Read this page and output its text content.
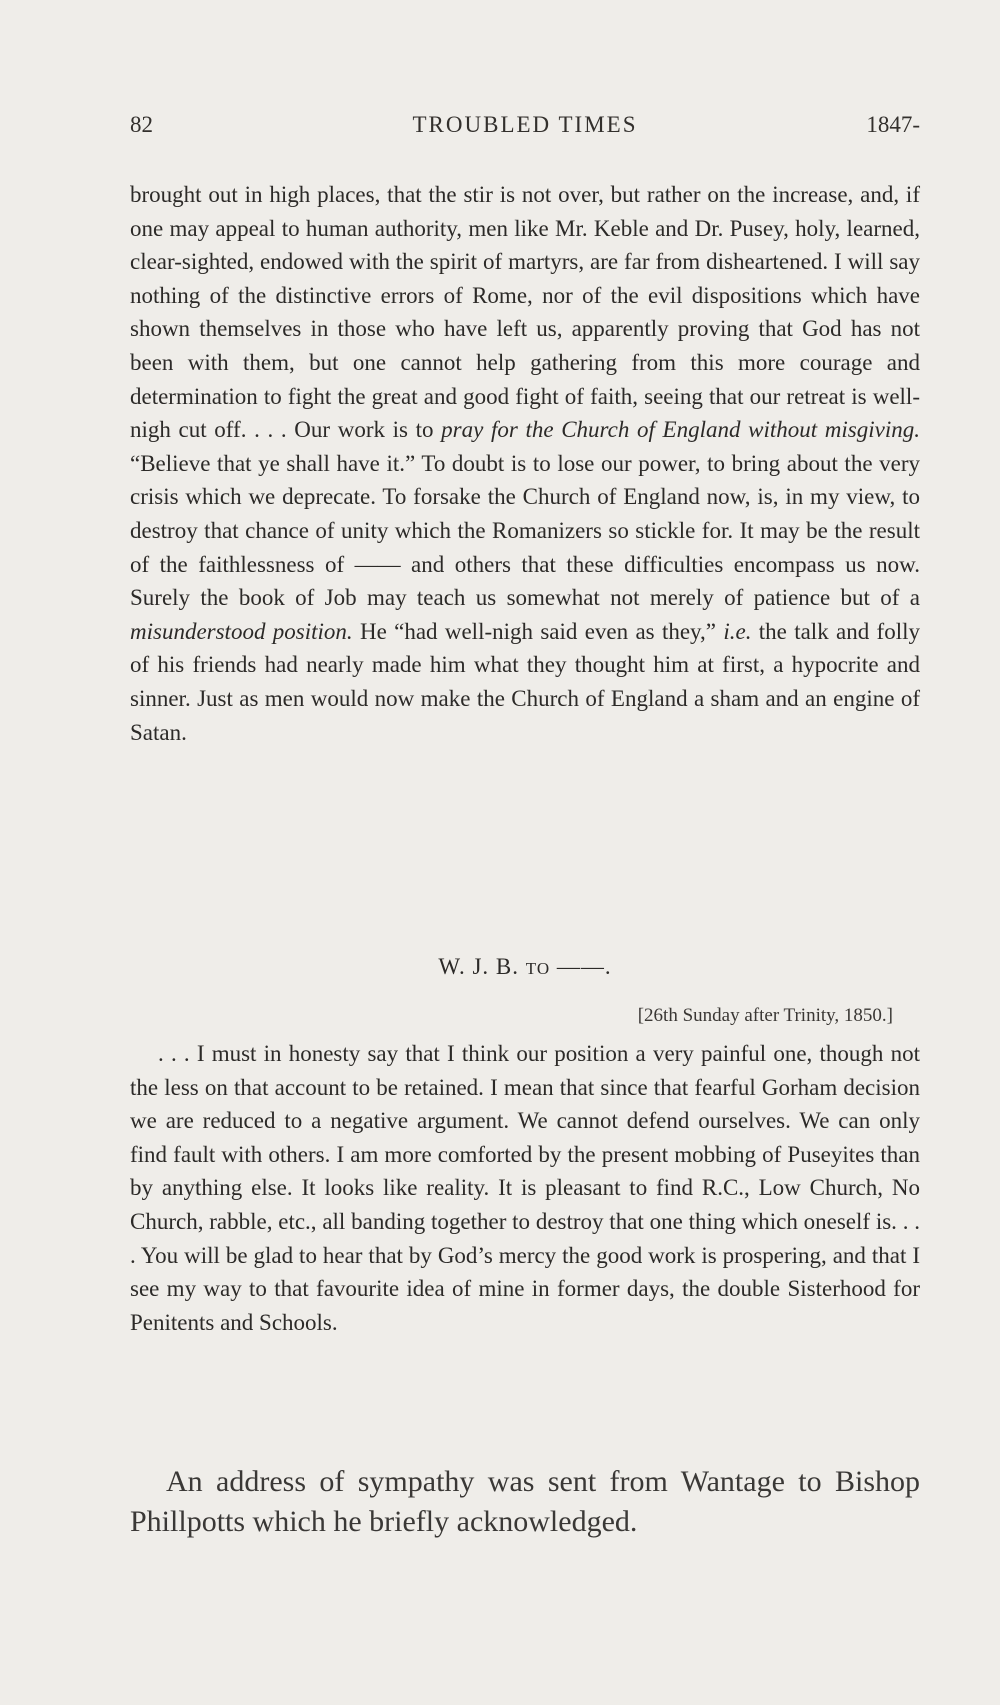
82	TROUBLED TIMES	1847-

brought out in high places, that the stir is not over, but rather on the increase, and, if one may appeal to human authority, men like Mr. Keble and Dr. Pusey, holy, learned, clear-sighted, endowed with the spirit of martyrs, are far from disheartened. I will say nothing of the distinctive errors of Rome, nor of the evil dispositions which have shown themselves in those who have left us, apparently proving that God has not been with them, but one cannot help gathering from this more courage and determination to fight the great and good fight of faith, seeing that our retreat is well-nigh cut off. . . . Our work is to pray for the Church of England without misgiving. “Believe that ye shall have it.” To doubt is to lose our power, to bring about the very crisis which we deprecate. To forsake the Church of England now, is, in my view, to destroy that chance of unity which the Romanizers so stickle for. It may be the result of the faithlessness of —— and others that these difficulties encompass us now. Surely the book of Job may teach us somewhat not merely of patience but of a misunderstood position. He “had well-nigh said even as they,” i.e. the talk and folly of his friends had nearly made him what they thought him at first, a hypocrite and sinner. Just as men would now make the Church of England a sham and an engine of Satan.

W. J. B. TO ——.
[26th Sunday after Trinity, 1850.]

. . . I must in honesty say that I think our position a very painful one, though not the less on that account to be retained. I mean that since that fearful Gorham decision we are reduced to a negative argument. We cannot defend ourselves. We can only find fault with others. I am more comforted by the present mobbing of Puseyites than by anything else. It looks like reality. It is pleasant to find R.C., Low Church, No Church, rabble, etc., all banding together to destroy that one thing which oneself is. . . . You will be glad to hear that by God’s mercy the good work is prospering, and that I see my way to that favourite idea of mine in former days, the double Sisterhood for Penitents and Schools.

An address of sympathy was sent from Wantage to Bishop Phillpotts which he briefly acknowledged.
